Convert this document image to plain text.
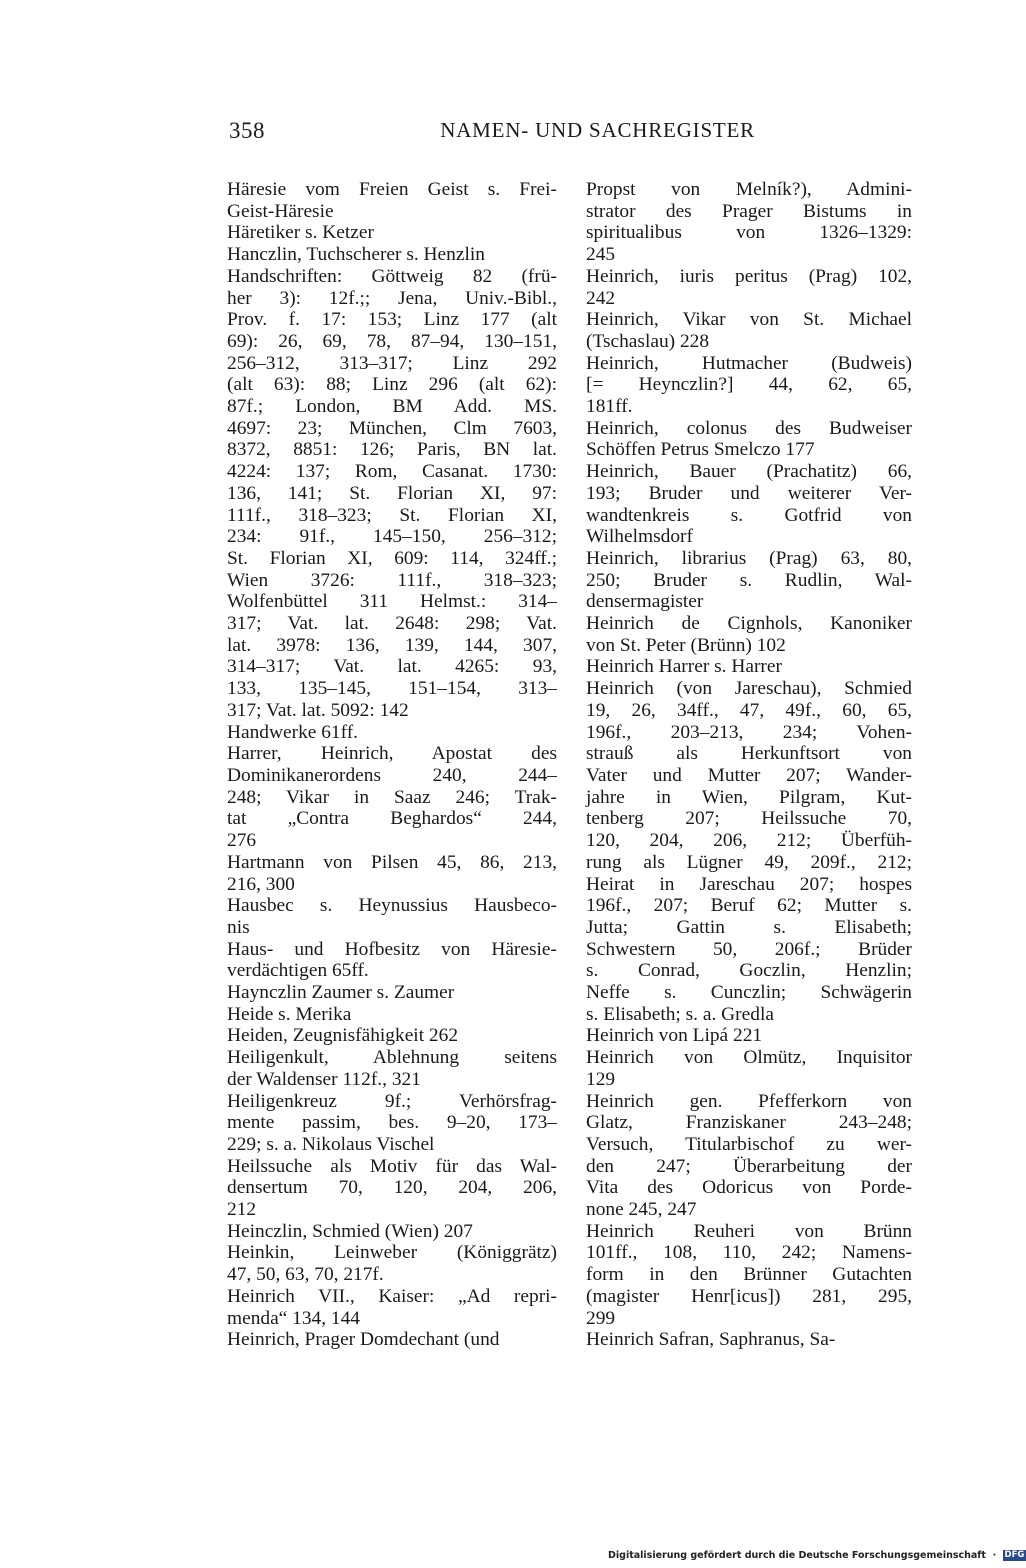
358	NAMEN- UND SACHREGISTER
Häresie vom Freien Geist s. Frei-
Geist-Häresie
Häretiker s. Ketzer
Hanczlin, Tuchscherer s. Henzlin
Handschriften: Göttweig 82 (frü-
her 3): 12f.;; Jena, Univ.-Bibl.,
Prov. f. 17: 153; Linz 177 (alt
69): 26, 69, 78, 87–94, 130–151,
256–312, 313–317; Linz 292
(alt 63): 88; Linz 296 (alt 62):
87f.; London, BM Add. MS.
4697: 23; München, Clm 7603,
8372, 8851: 126; Paris, BN lat.
4224: 137; Rom, Casanat. 1730:
136, 141; St. Florian XI, 97:
111f., 318–323; St. Florian XI,
234: 91f., 145–150, 256–312;
St. Florian XI, 609: 114, 324ff.;
Wien 3726: 111f., 318–323;
Wolfenbüttel 311 Helmst.: 314–
317; Vat. lat. 2648: 298; Vat.
lat. 3978: 136, 139, 144, 307,
314–317; Vat. lat. 4265: 93,
133, 135–145, 151–154, 313–
317; Vat. lat. 5092: 142
Handwerke 61ff.
Harrer, Heinrich, Apostat des
Dominikanerordens 240, 244–
248; Vikar in Saaz 246; Trak-
tat „Contra Beghardos“ 244,
276
Hartmann von Pilsen 45, 86, 213,
216, 300
Hausbec s. Heynussius Hausbeco-
nis
Haus- und Hofbesitz von Häresie-
verdächtigen 65ff.
Haynczlin Zaumer s. Zaumer
Heide s. Merika
Heiden, Zeugnisfähigkeit 262
Heiligenkult, Ablehnung seitens
der Waldenser 112f., 321
Heiligenkreuz 9f.; Verhörsfrag-
mente passim, bes. 9–20, 173–
229; s. a. Nikolaus Vischel
Heilssuche als Motiv für das Wal-
densertum 70, 120, 204, 206,
212
Heinczlin, Schmied (Wien) 207
Heinkin, Leinweber (Königgrätz)
47, 50, 63, 70, 217f.
Heinrich VII., Kaiser: „Ad repri-
menda“ 134, 144
Heinrich, Prager Domdechant (und
Propst von Melník?), Admini-
strator des Prager Bistums in
spiritualibus von 1326–1329:
245
Heinrich, iuris peritus (Prag) 102,
242
Heinrich, Vikar von St. Michael
(Tschaslau) 228
Heinrich, Hutmacher (Budweis)
[= Heynczlin?] 44, 62, 65,
181ff.
Heinrich, colonus des Budweiser
Schöffen Petrus Smelczo 177
Heinrich, Bauer (Prachatitz) 66,
193; Bruder und weiterer Ver-
wandtenkreis s. Gotfrid von
Wilhelmsdorf
Heinrich, librarius (Prag) 63, 80,
250; Bruder s. Rudlin, Wal-
densermagister
Heinrich de Cignhols, Kanoniker
von St. Peter (Brünn) 102
Heinrich Harrer s. Harrer
Heinrich (von Jareschau), Schmied
19, 26, 34ff., 47, 49f., 60, 65,
196f., 203–213, 234; Vohen-
strauß als Herkunftsort von
Vater und Mutter 207; Wander-
jahre in Wien, Pilgram, Kut-
tenberg 207; Heilssuche 70,
120, 204, 206, 212; Überfüh-
rung als Lügner 49, 209f., 212;
Heirat in Jareschau 207; hospes
196f., 207; Beruf 62; Mutter s.
Jutta; Gattin s. Elisabeth;
Schwestern 50, 206f.; Brüder
s. Conrad, Goczlin, Henzlin;
Neffe s. Cunczlin; Schwägerin
s. Elisabeth; s. a. Gredla
Heinrich von Lipá 221
Heinrich von Olmütz, Inquisitor
129
Heinrich gen. Pfefferkorn von
Glatz, Franziskaner 243–248;
Versuch, Titularbischof zu wer-
den 247; Überarbeitung der
Vita des Odoricus von Porde-
none 245, 247
Heinrich Reuheri von Brünn
101ff., 108, 110, 242; Namens-
form in den Brünner Gutachten
(magister Henr[icus]) 281, 295,
299
Heinrich Safran, Saphranus, Sa-
Digitalisierung gefördert durch die Deutsche Forschungsgemeinschaft  · DFG
